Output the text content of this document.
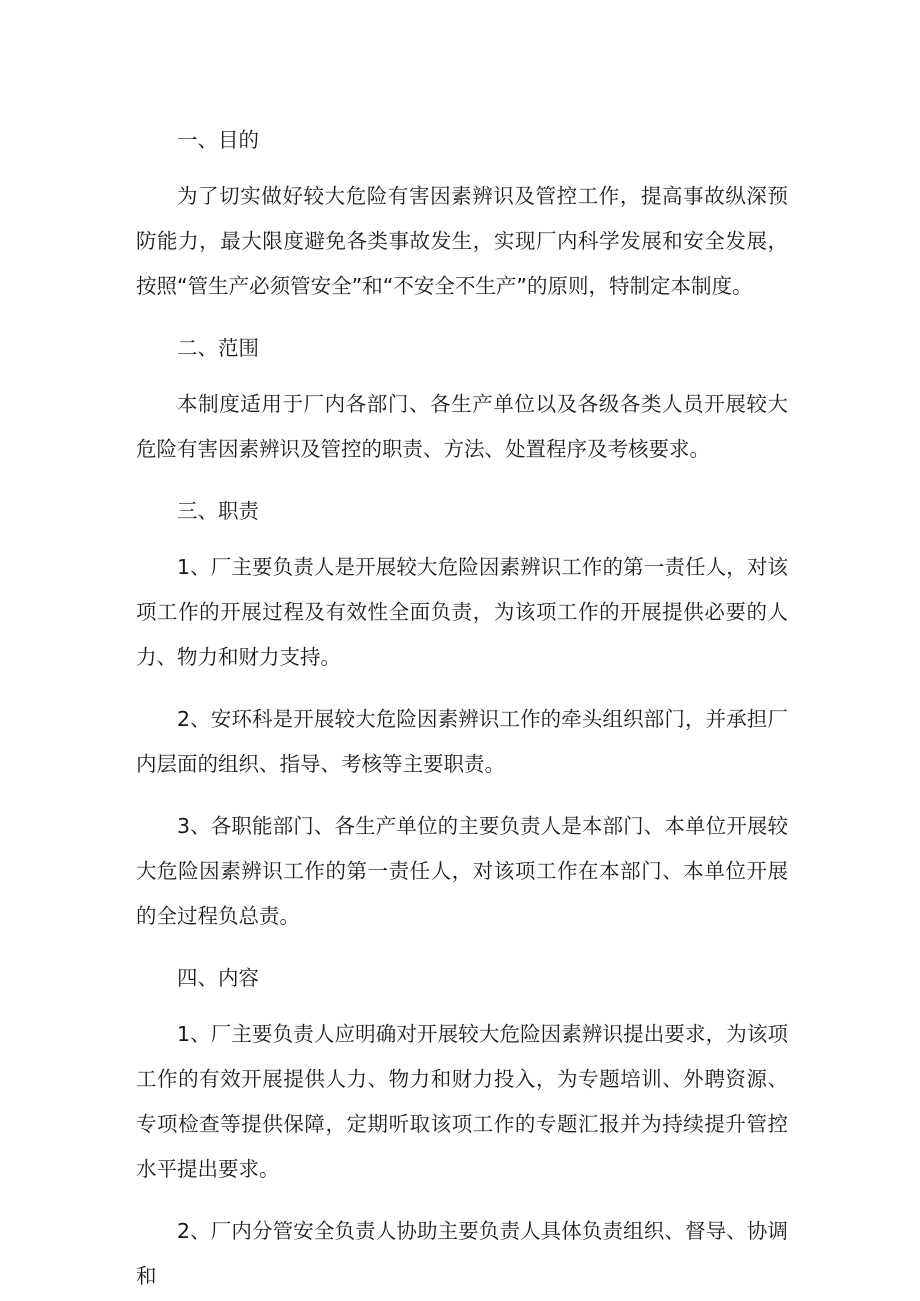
一、目的

为了切实做好较大危险有害因素辨识及管控工作，提高事故纵深预防能力，最大限度避免各类事故发生，实现厂内科学发展和安全发展，按照“管生产必须管安全”和“不安全不生产”的原则，特制定本制度。

二、范围

本制度适用于厂内各部门、各生产单位以及各级各类人员开展较大危险有害因素辨识及管控的职责、方法、处置程序及考核要求。

三、职责

1、厂主要负责人是开展较大危险因素辨识工作的第一责任人，对该项工作的开展过程及有效性全面负责，为该项工作的开展提供必要的人力、物力和财力支持。

2、安环科是开展较大危险因素辨识工作的牵头组织部门，并承担厂内层面的组织、指导、考核等主要职责。

3、各职能部门、各生产单位的主要负责人是本部门、本单位开展较大危险因素辨识工作的第一责任人，对该项工作在本部门、本单位开展的全过程负总责。

四、内容

1、厂主要负责人应明确对开展较大危险因素辨识提出要求，为该项工作的有效开展提供人力、物力和财力投入，为专题培训、外聘资源、专项检查等提供保障，定期听取该项工作的专题汇报并为持续提升管控水平提出要求。

2、厂内分管安全负责人协助主要负责人具体负责组织、督导、协调和
